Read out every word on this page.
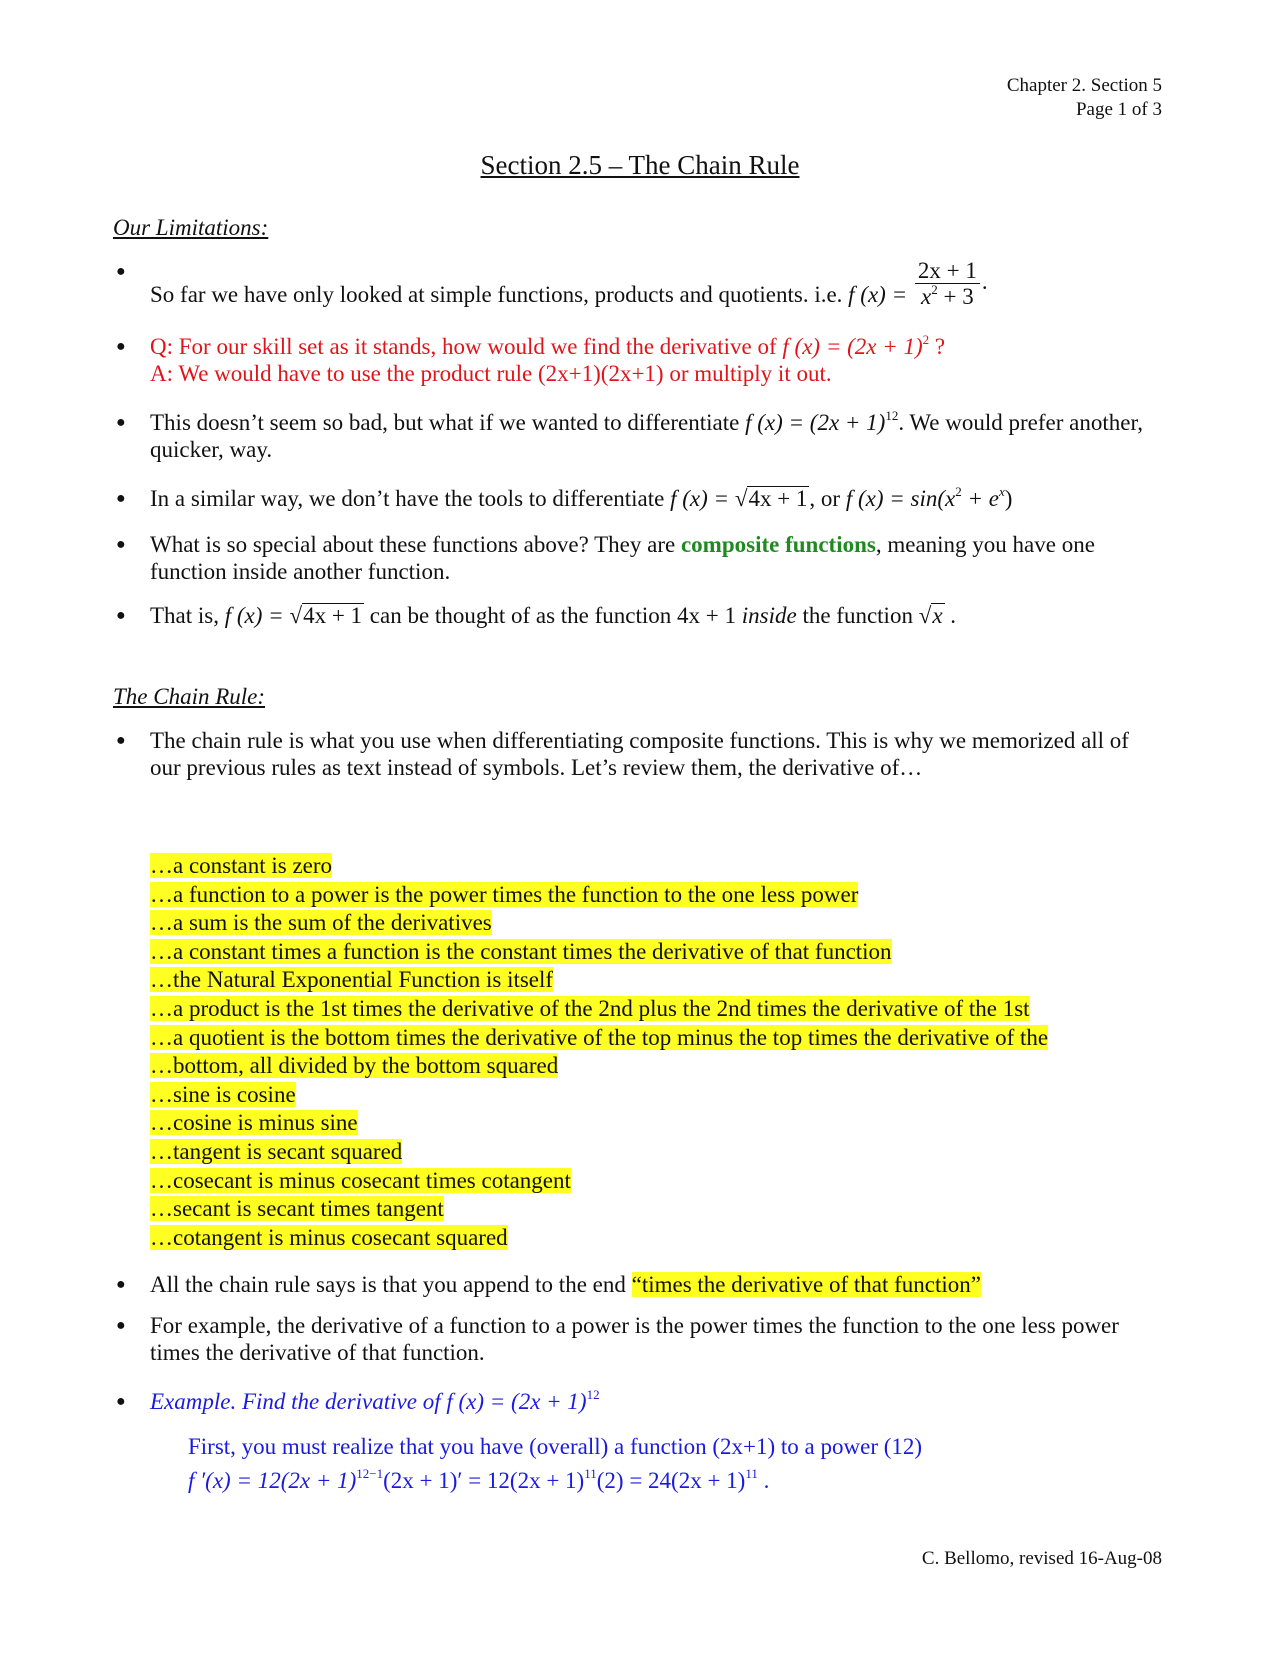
Chapter 2. Section 5
Page 1 of 3
Section 2.5 – The Chain Rule
Our Limitations:
●
So far we have only looked at simple functions, products and quotients. i.e. f $(x) = \frac{2x + 1}{x^2 + 3}$ .
● Q: For our skill set as it stands, how would we find the derivative of f $(x) = (2x + 1)^2$ ?
A: We would have to use the product rule (2x+1)(2x+1) or multiply it out.
● This doesn’t seem so bad, but what if we wanted to differentiate f $(x) = (2x + 1)^{12}$. We would prefer another, quicker, way.
● In a similar way, we don’t have the tools to differentiate f (x) = √4x + 1, or f $(x) = \sin(x^2 + e^x)$
● What is so special about these functions above? They are composite functions, meaning you have one function inside another function.
● That is, f (x) = √4x + 1 can be thought of as the function 4x + 1 inside the function √x .
The Chain Rule:
● The chain rule is what you use when differentiating composite functions. This is why we memorized all of our previous rules as text instead of symbols. Let’s review them, the derivative of…
…a constant is zero
…a function to a power is the power times the function to the one less power
…a sum is the sum of the derivatives
…a constant times a function is the constant times the derivative of that function
…the Natural Exponential Function is itself
…a product is the 1st times the derivative of the 2nd plus the 2nd times the derivative of the 1st
…a quotient is the bottom times the derivative of the top minus the top times the derivative of the
…bottom, all divided by the bottom squared
…sine is cosine
…cosine is minus sine
…tangent is secant squared
…cosecant is minus cosecant times cotangent
…secant is secant times tangent
…cotangent is minus cosecant squared
● All the chain rule says is that you append to the end “times the derivative of that function”
● For example, the derivative of a function to a power is the power times the function to the one less power times the derivative of that function.
● Example. Find the derivative of f $(x) = (2x + 1)^{12}$
First, you must realize that you have (overall) a function (2x+1) to a power (12)
f $'(x) = 12(2x + 1)^{12-1}(2x + 1)' = 12(2x + 1)^{11}(2) = 24(2x + 1)^{11}$ .
C. Bellomo, revised 16-Aug-08
